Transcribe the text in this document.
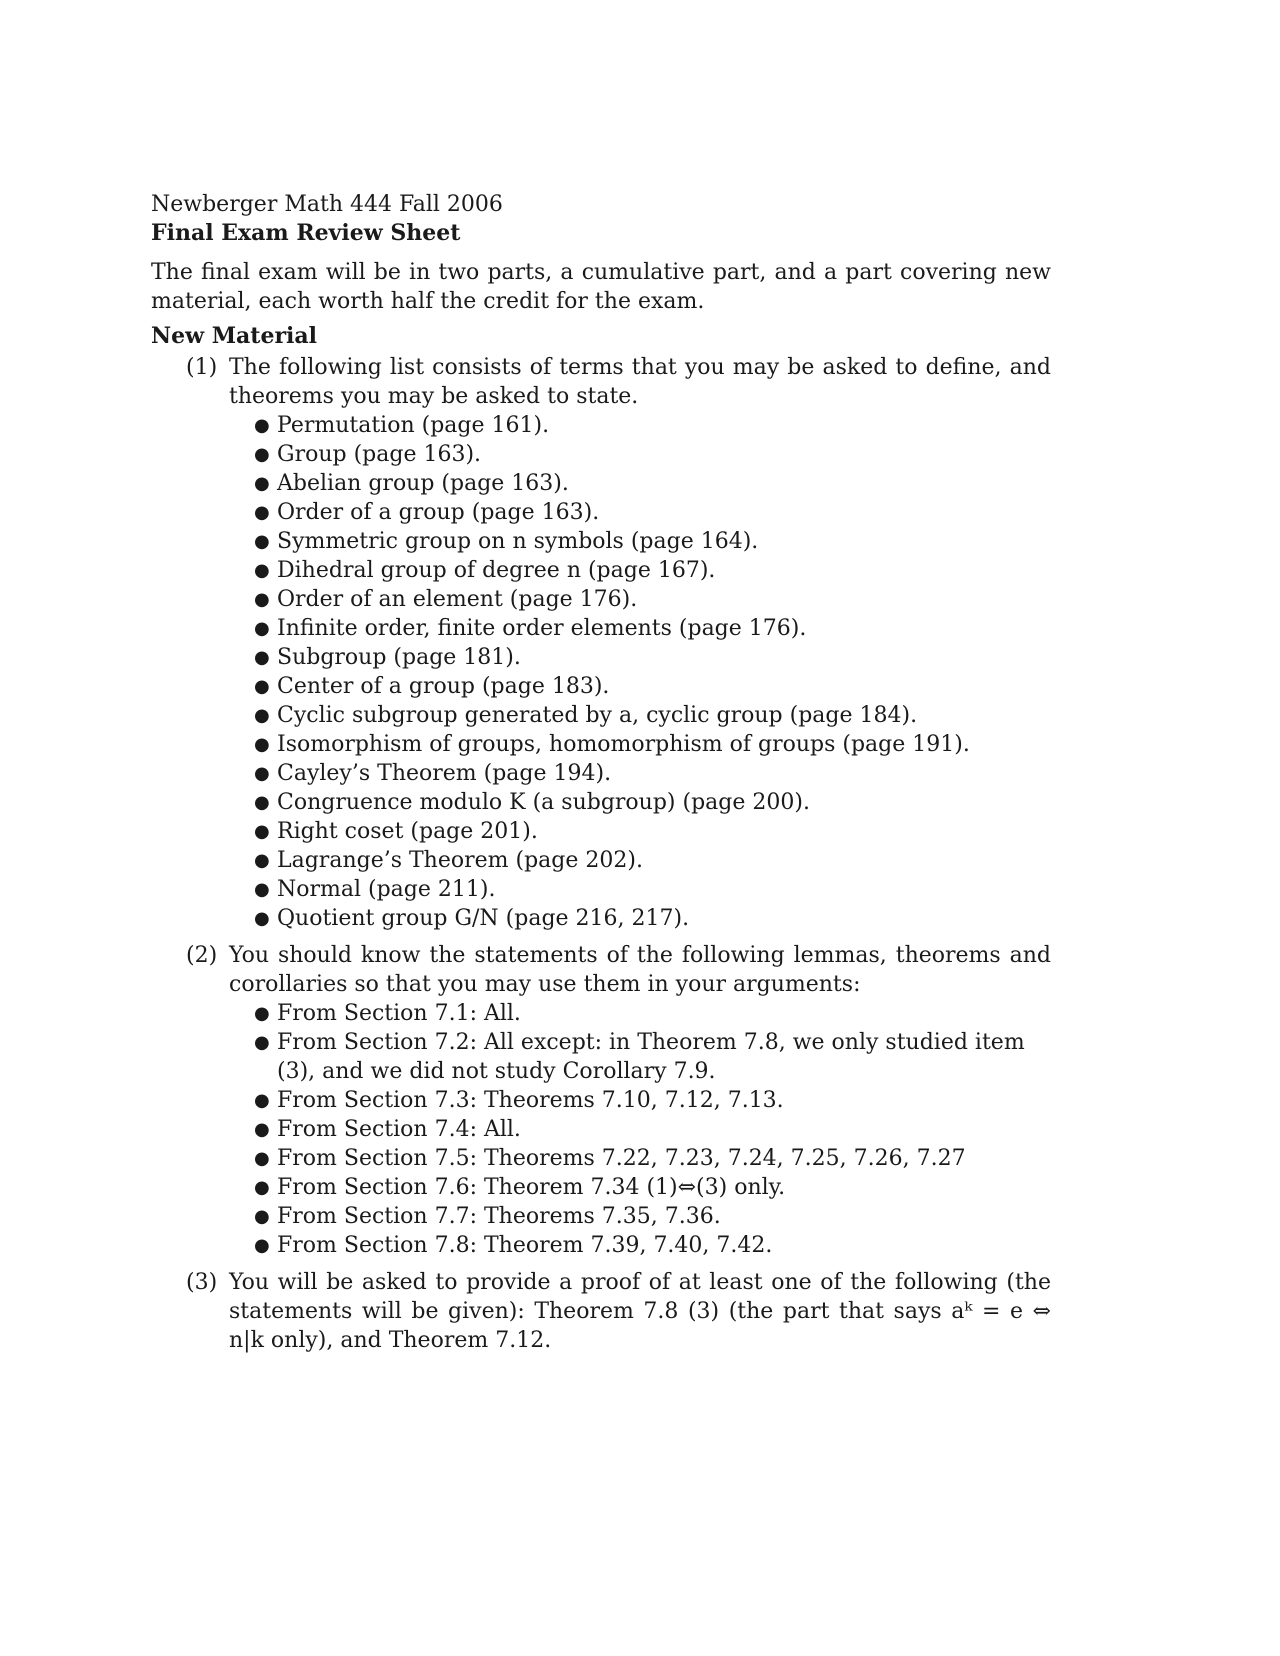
Newberger Math 444 Fall 2006

Final Exam Review Sheet

The final exam will be in two parts, a cumulative part, and a part covering new material, each worth half the credit for the exam.

New Material

(1) The following list consists of terms that you may be asked to define, and theorems you may be asked to state.
● Permutation (page 161).
● Group (page 163).
● Abelian group (page 163).
● Order of a group (page 163).
● Symmetric group on n symbols (page 164).
● Dihedral group of degree n (page 167).
● Order of an element (page 176).
● Infinite order, finite order elements (page 176).
● Subgroup (page 181).
● Center of a group (page 183).
● Cyclic subgroup generated by a, cyclic group (page 184).
● Isomorphism of groups, homomorphism of groups (page 191).
● Cayley’s Theorem (page 194).
● Congruence modulo K (a subgroup) (page 200).
● Right coset (page 201).
● Lagrange’s Theorem (page 202).
● Normal (page 211).
● Quotient group G/N (page 216, 217).
(2) You should know the statements of the following lemmas, theorems and corollaries so that you may use them in your arguments:
● From Section 7.1: All.
● From Section 7.2: All except: in Theorem 7.8, we only studied item (3), and we did not study Corollary 7.9.
● From Section 7.3: Theorems 7.10, 7.12, 7.13.
● From Section 7.4: All.
● From Section 7.5: Theorems 7.22, 7.23, 7.24, 7.25, 7.26, 7.27
● From Section 7.6: Theorem 7.34 (1)⇔(3) only.
● From Section 7.7: Theorems 7.35, 7.36.
● From Section 7.8: Theorem 7.39, 7.40, 7.42.
(3) You will be asked to provide a proof of at least one of the following (the statements will be given): Theorem 7.8 (3) (the part that says aᵏ = e ⇔ n|k only), and Theorem 7.12.
